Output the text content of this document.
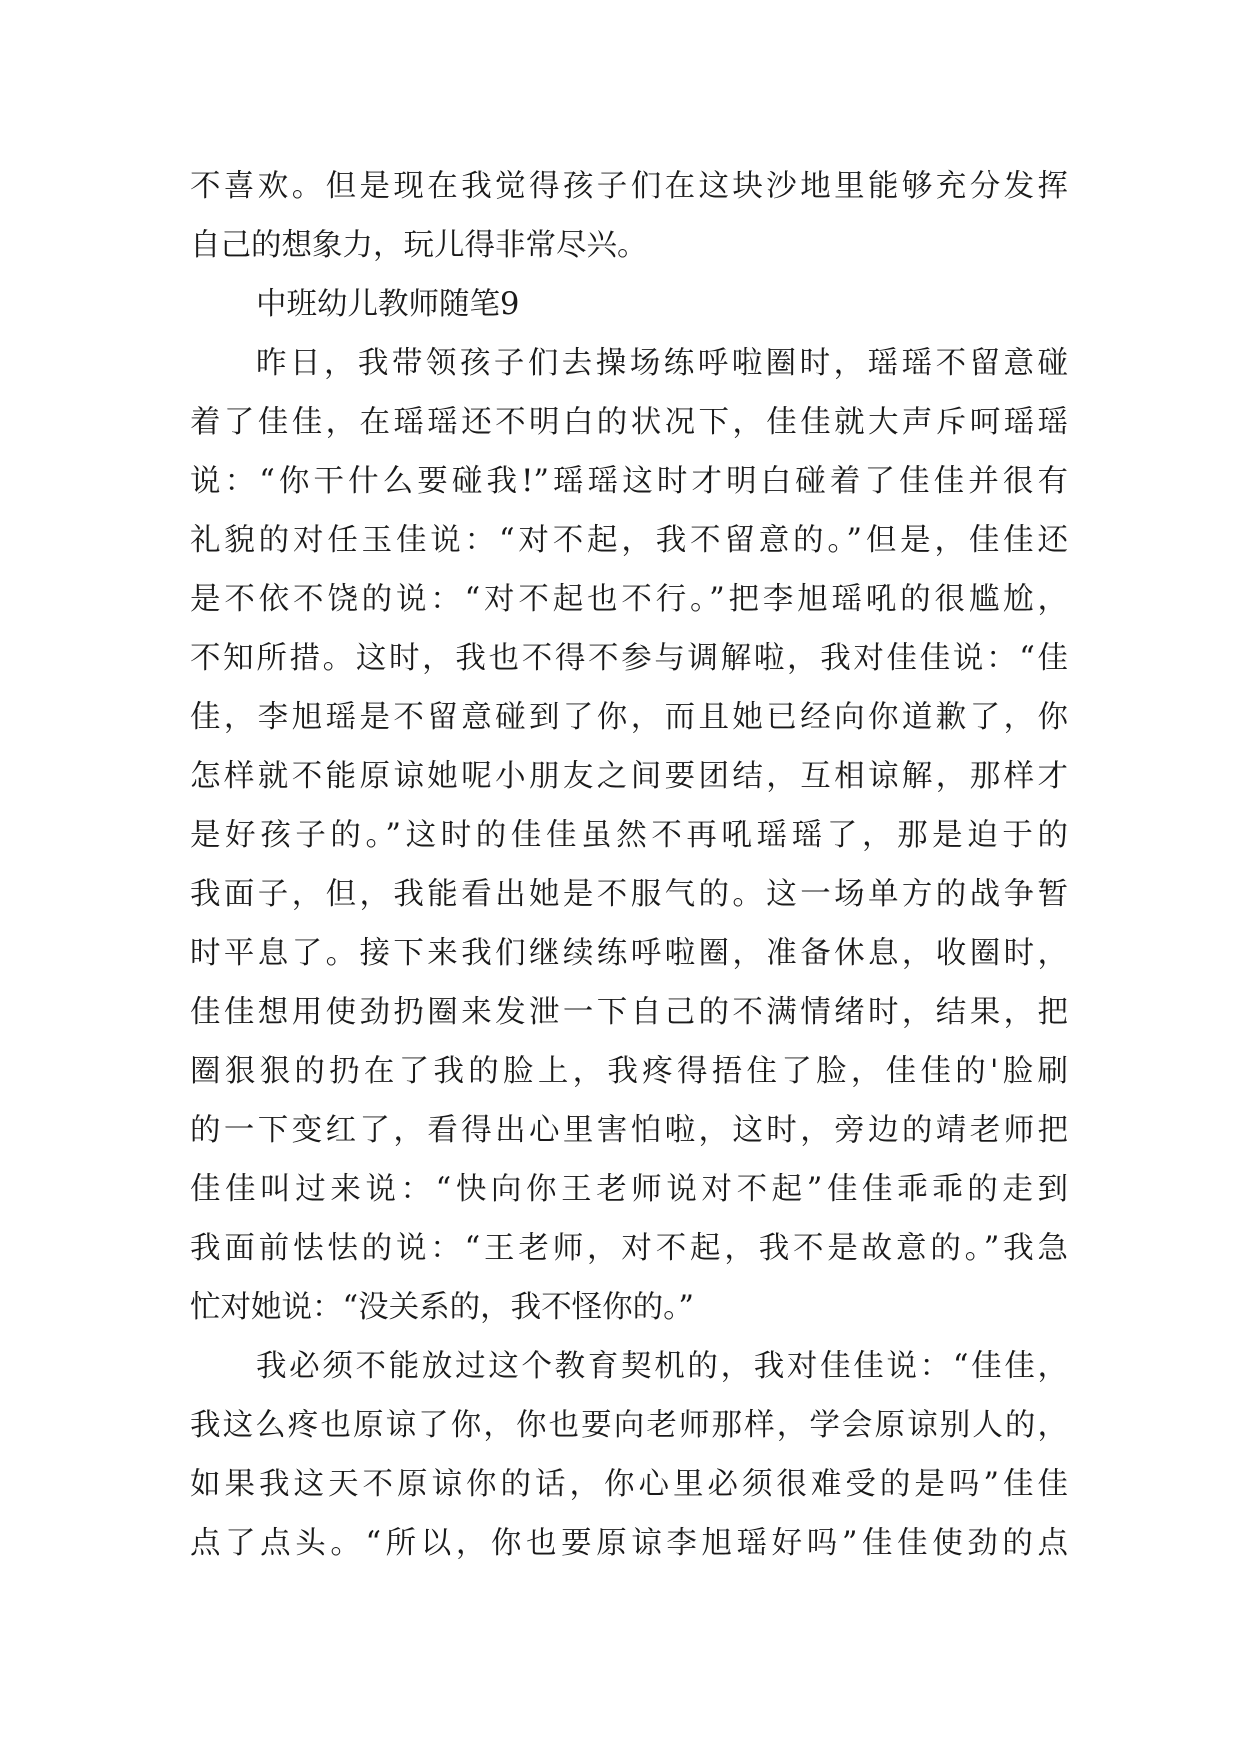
不喜欢。但是现在我觉得孩子们在这块沙地里能够充分发挥
自己的想象力，玩儿得非常尽兴。
中班幼儿教师随笔9
昨日，我带领孩子们去操场练呼啦圈时，瑶瑶不留意碰
着了佳佳，在瑶瑶还不明白的状况下，佳佳就大声斥呵瑶瑶
说：“你干什么要碰我!”瑶瑶这时才明白碰着了佳佳并很有
礼貌的对任玉佳说：“对不起，我不留意的。”但是，佳佳还
是不依不饶的说：“对不起也不行。”把李旭瑶吼的很尴尬，
不知所措。这时，我也不得不参与调解啦，我对佳佳说：“佳
佳，李旭瑶是不留意碰到了你，而且她已经向你道歉了，你
怎样就不能原谅她呢小朋友之间要团结，互相谅解，那样才
是好孩子的。”这时的佳佳虽然不再吼瑶瑶了，那是迫于的
我面子，但，我能看出她是不服气的。这一场单方的战争暂
时平息了。接下来我们继续练呼啦圈，准备休息，收圈时，
佳佳想用使劲扔圈来发泄一下自己的不满情绪时，结果，把
圈狠狠的扔在了我的脸上，我疼得捂住了脸，佳佳的'脸刷
的一下变红了，看得出心里害怕啦，这时，旁边的靖老师把
佳佳叫过来说：“快向你王老师说对不起”佳佳乖乖的走到
我面前怯怯的说：“王老师，对不起，我不是故意的。”我急
忙对她说：“没关系的，我不怪你的。”
我必须不能放过这个教育契机的，我对佳佳说：“佳佳，
我这么疼也原谅了你，你也要向老师那样，学会原谅别人的，
如果我这天不原谅你的话，你心里必须很难受的是吗”佳佳
点了点头。“所以，你也要原谅李旭瑶好吗”佳佳使劲的点
